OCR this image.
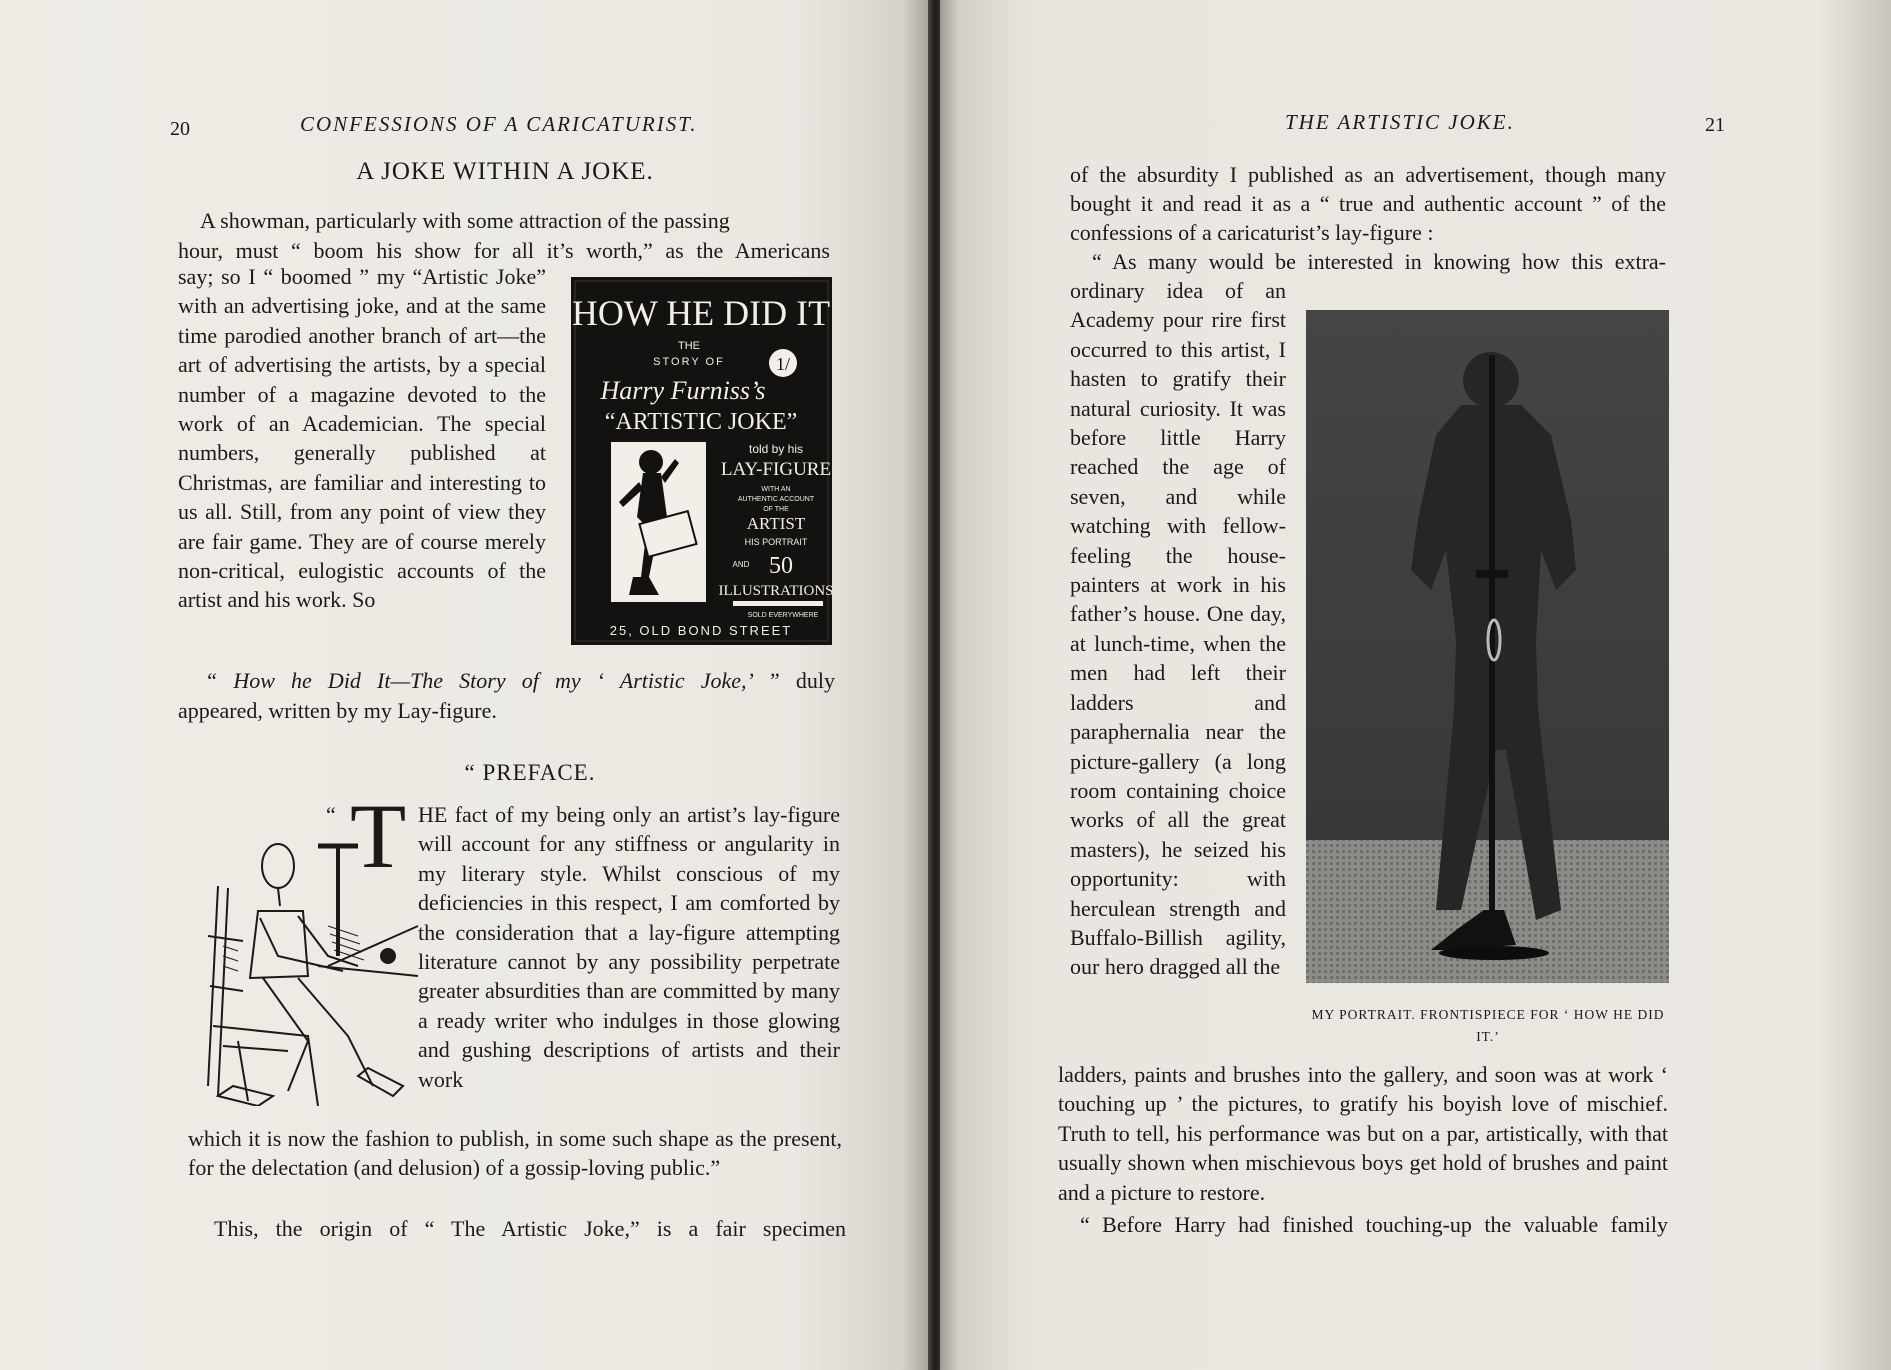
20	CONFESSIONS OF A CARICATURIST.
A JOKE WITHIN A JOKE.
A showman, particularly with some attraction of the passing
hour, must “ boom his show for all it’s worth,” as the Americans
say; so I “ boomed ” my “Artistic Joke” with an advertising joke, and at the same time parodied another branch of art—the art of advertising the artists, by a special number of a magazine devoted to the work of an Academician. The special numbers, generally published at Christmas, are familiar and interesting to us all. Still, from any point of view they are fair game. They are of course merely non-critical, eulogistic accounts of the artist and his work. So
HOW HE DID IT
THE
STORY OF	1/
Harry Furniss’s
“ARTISTIC JOKE”
told by his
LAY-FIGURE
WITH AN
AUTHENTIC ACCOUNT
OF THE
ARTIST
HIS PORTRAIT
AND 50
ILLUSTRATIONS
SOLD EVERYWHERE
25, OLD BOND STREET
“ How he Did It—The Story of my ‘ Artistic Joke,’ ” duly
appeared, written by my Lay-figure.
“ PREFACE.
“ T HE fact of my being only an artist’s lay-figure will account for any stiffness or angularity in my literary style. Whilst conscious of my deficiencies in this respect, I am comforted by the consideration that a lay-figure attempting literature cannot by any possibility perpetrate greater absurdities than are committed by many a ready writer who indulges in those glowing and gushing descriptions of artists and their work
which it is now the fashion to publish, in some such shape as the present, for the delectation (and delusion) of a gossip-loving public.”
This, the origin of “ The Artistic Joke,” is a fair specimen
THE ARTISTIC JOKE.	21
of the absurdity I published as an advertisement, though many
bought it and read it as a “ true and authentic account ” of the
confessions of a caricaturist’s lay-figure :
“ As many would be interested in knowing how this extra-
ordinary idea of an Academy pour rire first occurred to this artist, I hasten to gratify their natural curiosity. It was before little Harry reached the age of seven, and while watching with fellow-feeling the house-painters at work in his father’s house. One day, at lunch-time, when the men had left their ladders and paraphernalia near the picture-gallery (a long room containing choice works of all the great masters), he seized his opportunity: with herculean strength and Buffalo-Billish agility, our hero dragged all the
MY PORTRAIT. FRONTISPIECE FOR ‘ HOW HE DID IT.’
ladders, paints and brushes into the gallery, and soon was at work ‘ touching up ’ the pictures, to gratify his boyish love of mischief. Truth to tell, his performance was but on a par, artistically, with that usually shown when mischievous boys get hold of brushes and paint and a picture to restore.
“ Before Harry had finished touching-up the valuable family
